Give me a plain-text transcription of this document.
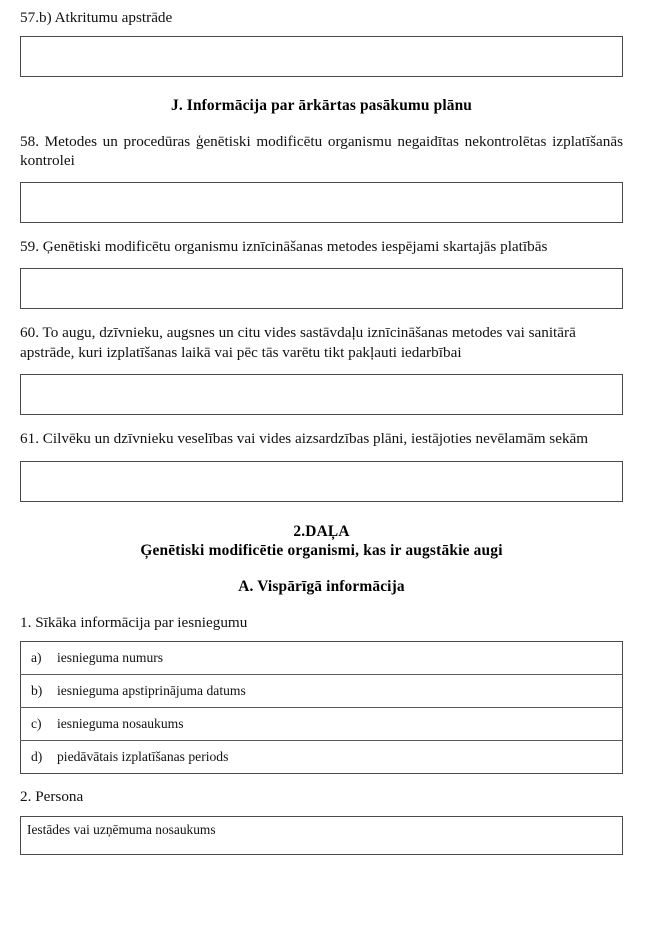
57.b) Atkritumu apstrāde

J. Informācija par ārkārtas pasākumu plānu

58. Metodes un procedūras ģenētiski modificētu organismu negaidītas nekontrolētas izplatīšanās kontrolei

59. Ģenētiski modificētu organismu iznīcināšanas metodes iespējami skartajās platībās

60. To augu, dzīvnieku, augsnes un citu vides sastāvdaļu iznīcināšanas metodes vai sanitārā apstrāde, kuri izplatīšanas laikā vai pēc tās varētu tikt pakļauti iedarbībai

61. Cilvēku un dzīvnieku veselības vai vides aizsardzības plāni, iestājoties nevēlamām sekām

2.DAĻA

Ģenētiski modificētie organismi, kas ir augstākie augi

A. Vispārīgā informācija

1. Sīkāka informācija par iesniegumu

a) iesnieguma numurs
b) iesnieguma apstiprinājuma datums
c) iesnieguma nosaukums
d) piedāvātais izplatīšanas periods

2. Persona

Iestādes vai uzņēmuma nosaukums
